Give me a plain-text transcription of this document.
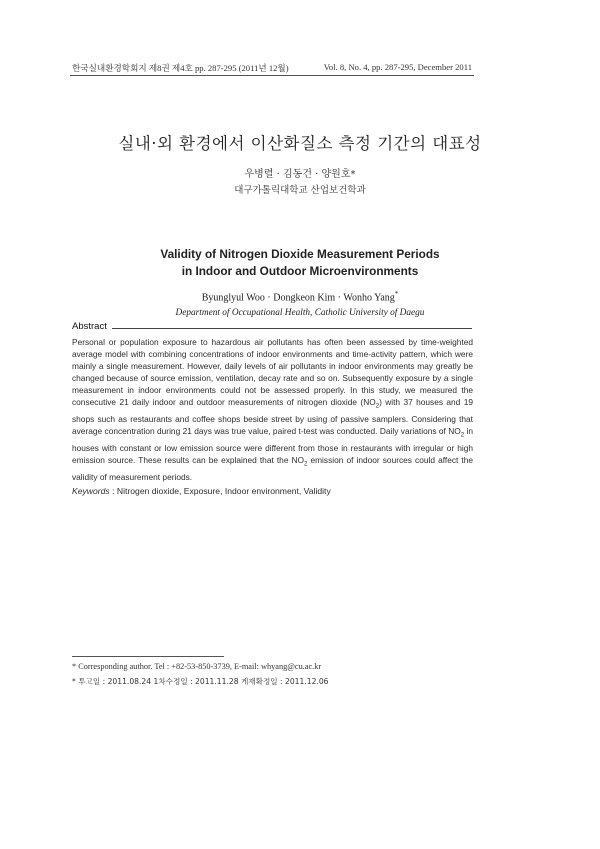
한국실내환경학회지 제8권 제4호 pp. 287-295 (2011년 12월)	Vol. 8, No. 4, pp. 287-295, December 2011
실내·외 환경에서 이산화질소 측정 기간의 대표성
우병렬 · 김동건 · 양원호*
대구가톨릭대학교 산업보건학과
Validity of Nitrogen Dioxide Measurement Periods
in Indoor and Outdoor Microenvironments
Byunglyul Woo · Dongkeon Kim · Wonho Yang*
Department of Occupational Health, Catholic University of Daegu
Abstract
Personal or population exposure to hazardous air pollutants has often been assessed by time-weighted average model with combining concentrations of indoor environments and time-activity pattern, which were mainly a single measurement. However, daily levels of air pollutants in indoor environments may greatly be changed because of source emission, ventilation, decay rate and so on. Subsequently exposure by a single measurement in indoor environments could not be assessed properly. In this study, we measured the consecutive 21 daily indoor and outdoor measurements of nitrogen dioxide $(NO_2)$ with 37 houses and 19 shops such as restaurants and coffee shops beside street by using of passive samplers. Considering that average concentration during 21 days was true value, paired t-test was conducted. Daily variations of $NO_2$ in houses with constant or low emission source were different from those in restaurants with irregular or high emission source. These results can be explained that the $NO_2$ emission of indoor sources could affect the validity of measurement periods.
Keywords : Nitrogen dioxide, Exposure, Indoor environment, Validity
* Corresponding author. Tel : +82-53-850-3739, E-mail: whyang@cu.ac.kr
* 투고일 : 2011.08.24 1차수정일 : 2011.11.28 게재확정일 : 2011.12.06
